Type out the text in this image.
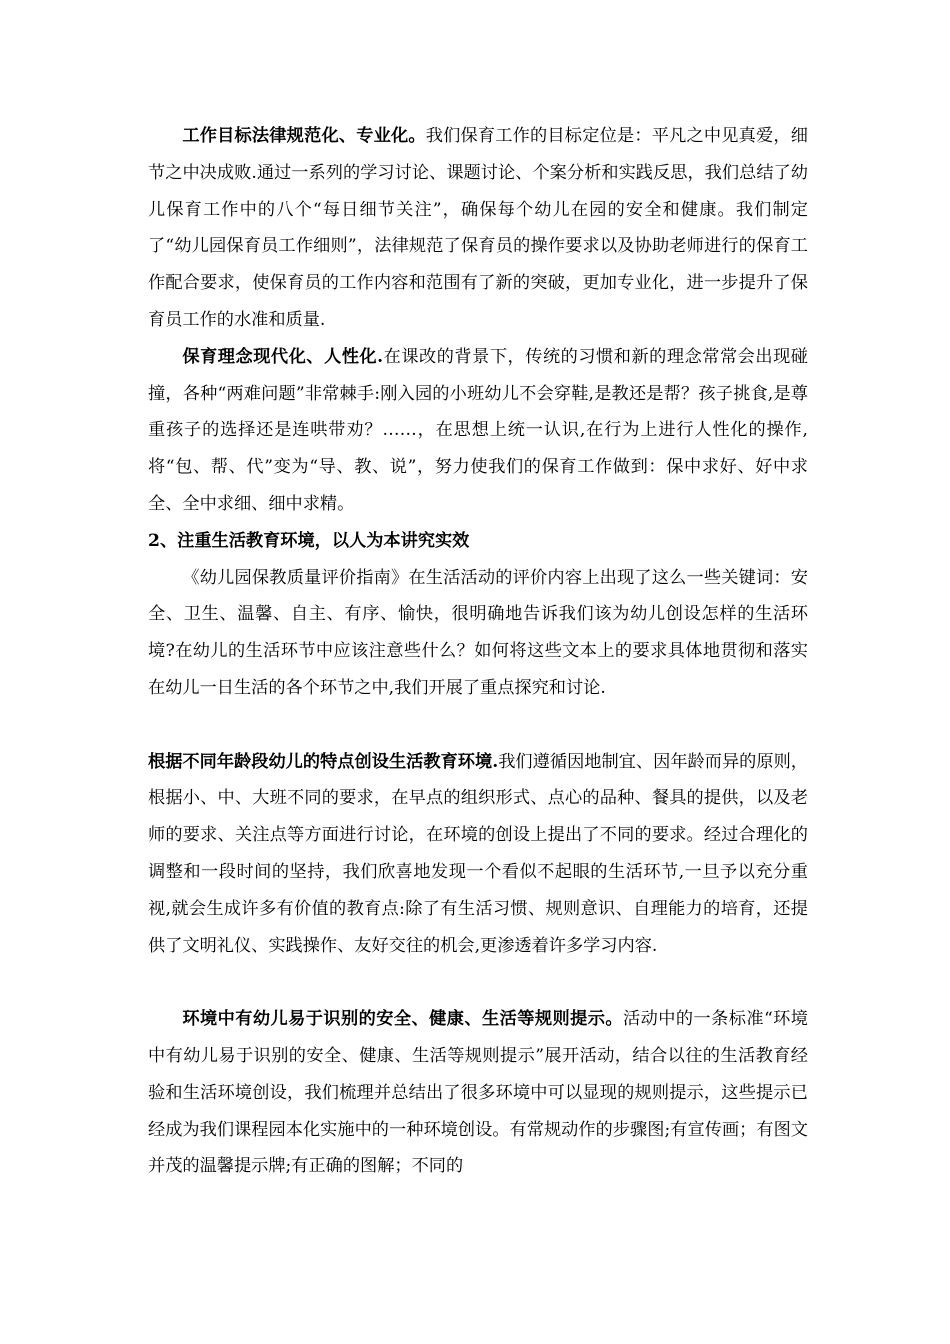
工作目标法律规范化、专业化。我们保育工作的目标定位是：平凡之中见真爱，细节之中决成败.通过一系列的学习讨论、课题讨论、个案分析和实践反思，我们总结了幼儿保育工作中的八个“每日细节关注”，确保每个幼儿在园的安全和健康。我们制定了“幼儿园保育员工作细则”，法律规范了保育员的操作要求以及协助老师进行的保育工作配合要求，使保育员的工作内容和范围有了新的突破，更加专业化，进一步提升了保育员工作的水准和质量.

保育理念现代化、人性化.在课改的背景下，传统的习惯和新的理念常常会出现碰撞，各种“两难问题”非常棘手:刚入园的小班幼儿不会穿鞋,是教还是帮？孩子挑食,是尊重孩子的选择还是连哄带劝？……，在思想上统一认识,在行为上进行人性化的操作,将“包、帮、代”变为“导、教、说”，努力使我们的保育工作做到：保中求好、好中求全、全中求细、细中求精。

2、注重生活教育环境，以人为本讲究实效

《幼儿园保教质量评价指南》在生活活动的评价内容上出现了这么一些关键词：安全、卫生、温馨、自主、有序、愉快，很明确地告诉我们该为幼儿创设怎样的生活环境?在幼儿的生活环节中应该注意些什么？如何将这些文本上的要求具体地贯彻和落实在幼儿一日生活的各个环节之中,我们开展了重点探究和讨论.

根据不同年龄段幼儿的特点创设生活教育环境.我们遵循因地制宜、因年龄而异的原则，根据小、中、大班不同的要求，在早点的组织形式、点心的品种、餐具的提供，以及老师的要求、关注点等方面进行讨论，在环境的创设上提出了不同的要求。经过合理化的调整和一段时间的坚持，我们欣喜地发现一个看似不起眼的生活环节,一旦予以充分重视,就会生成许多有价值的教育点:除了有生活习惯、规则意识、自理能力的培育，还提供了文明礼仪、实践操作、友好交往的机会,更渗透着许多学习内容.

环境中有幼儿易于识别的安全、健康、生活等规则提示。活动中的一条标准“环境中有幼儿易于识别的安全、健康、生活等规则提示”展开活动，结合以往的生活教育经验和生活环境创设，我们梳理并总结出了很多环境中可以显现的规则提示，这些提示已经成为我们课程园本化实施中的一种环境创设。有常规动作的步骤图;有宣传画；有图文并茂的温馨提示牌;有正确的图解；不同的
